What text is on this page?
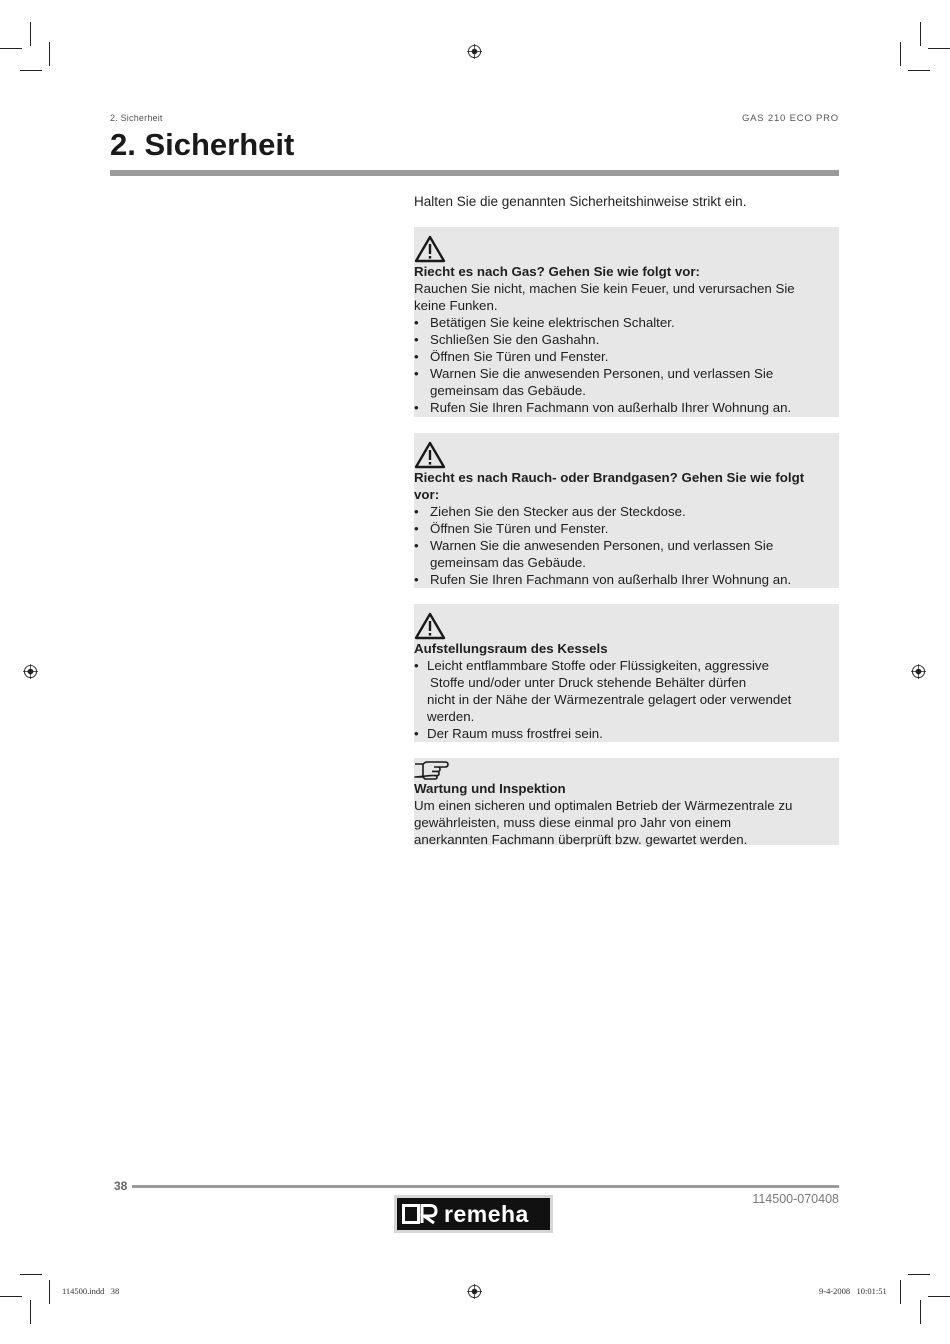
2. Sicherheit	GAS 210 ECO PRO
2. Sicherheit
Halten Sie die genannten Sicherheitshinweise strikt ein.
Riecht es nach Gas? Gehen Sie wie folgt vor:
Rauchen Sie nicht, machen Sie kein Feuer, und verursachen Sie
keine Funken.
• Betätigen Sie keine elektrischen Schalter.
• Schließen Sie den Gashahn.
• Öffnen Sie Türen und Fenster.
• Warnen Sie die anwesenden Personen, und verlassen Sie
gemeinsam das Gebäude.
• Rufen Sie Ihren Fachmann von außerhalb Ihrer Wohnung an.
Riecht es nach Rauch- oder Brandgasen? Gehen Sie wie folgt
vor:
• Ziehen Sie den Stecker aus der Steckdose.
• Öffnen Sie Türen und Fenster.
• Warnen Sie die anwesenden Personen, und verlassen Sie
gemeinsam das Gebäude.
• Rufen Sie Ihren Fachmann von außerhalb Ihrer Wohnung an.
Aufstellungsraum des Kessels
• Leicht entflammbare Stoffe oder Flüssigkeiten, aggressive
Stoffe und/oder unter Druck stehende Behälter dürfen
nicht in der Nähe der Wärmezentrale gelagert oder verwendet
werden.
• Der Raum muss frostfrei sein.
Wartung und Inspektion
Um einen sicheren und optimalen Betrieb der Wärmezentrale zu
gewährleisten, muss diese einmal pro Jahr von einem
anerkannten Fachmann überprüft bzw. gewartet werden.
38
114500-070408
remeha
114500.indd   38	9-4-2008   10:01:51
